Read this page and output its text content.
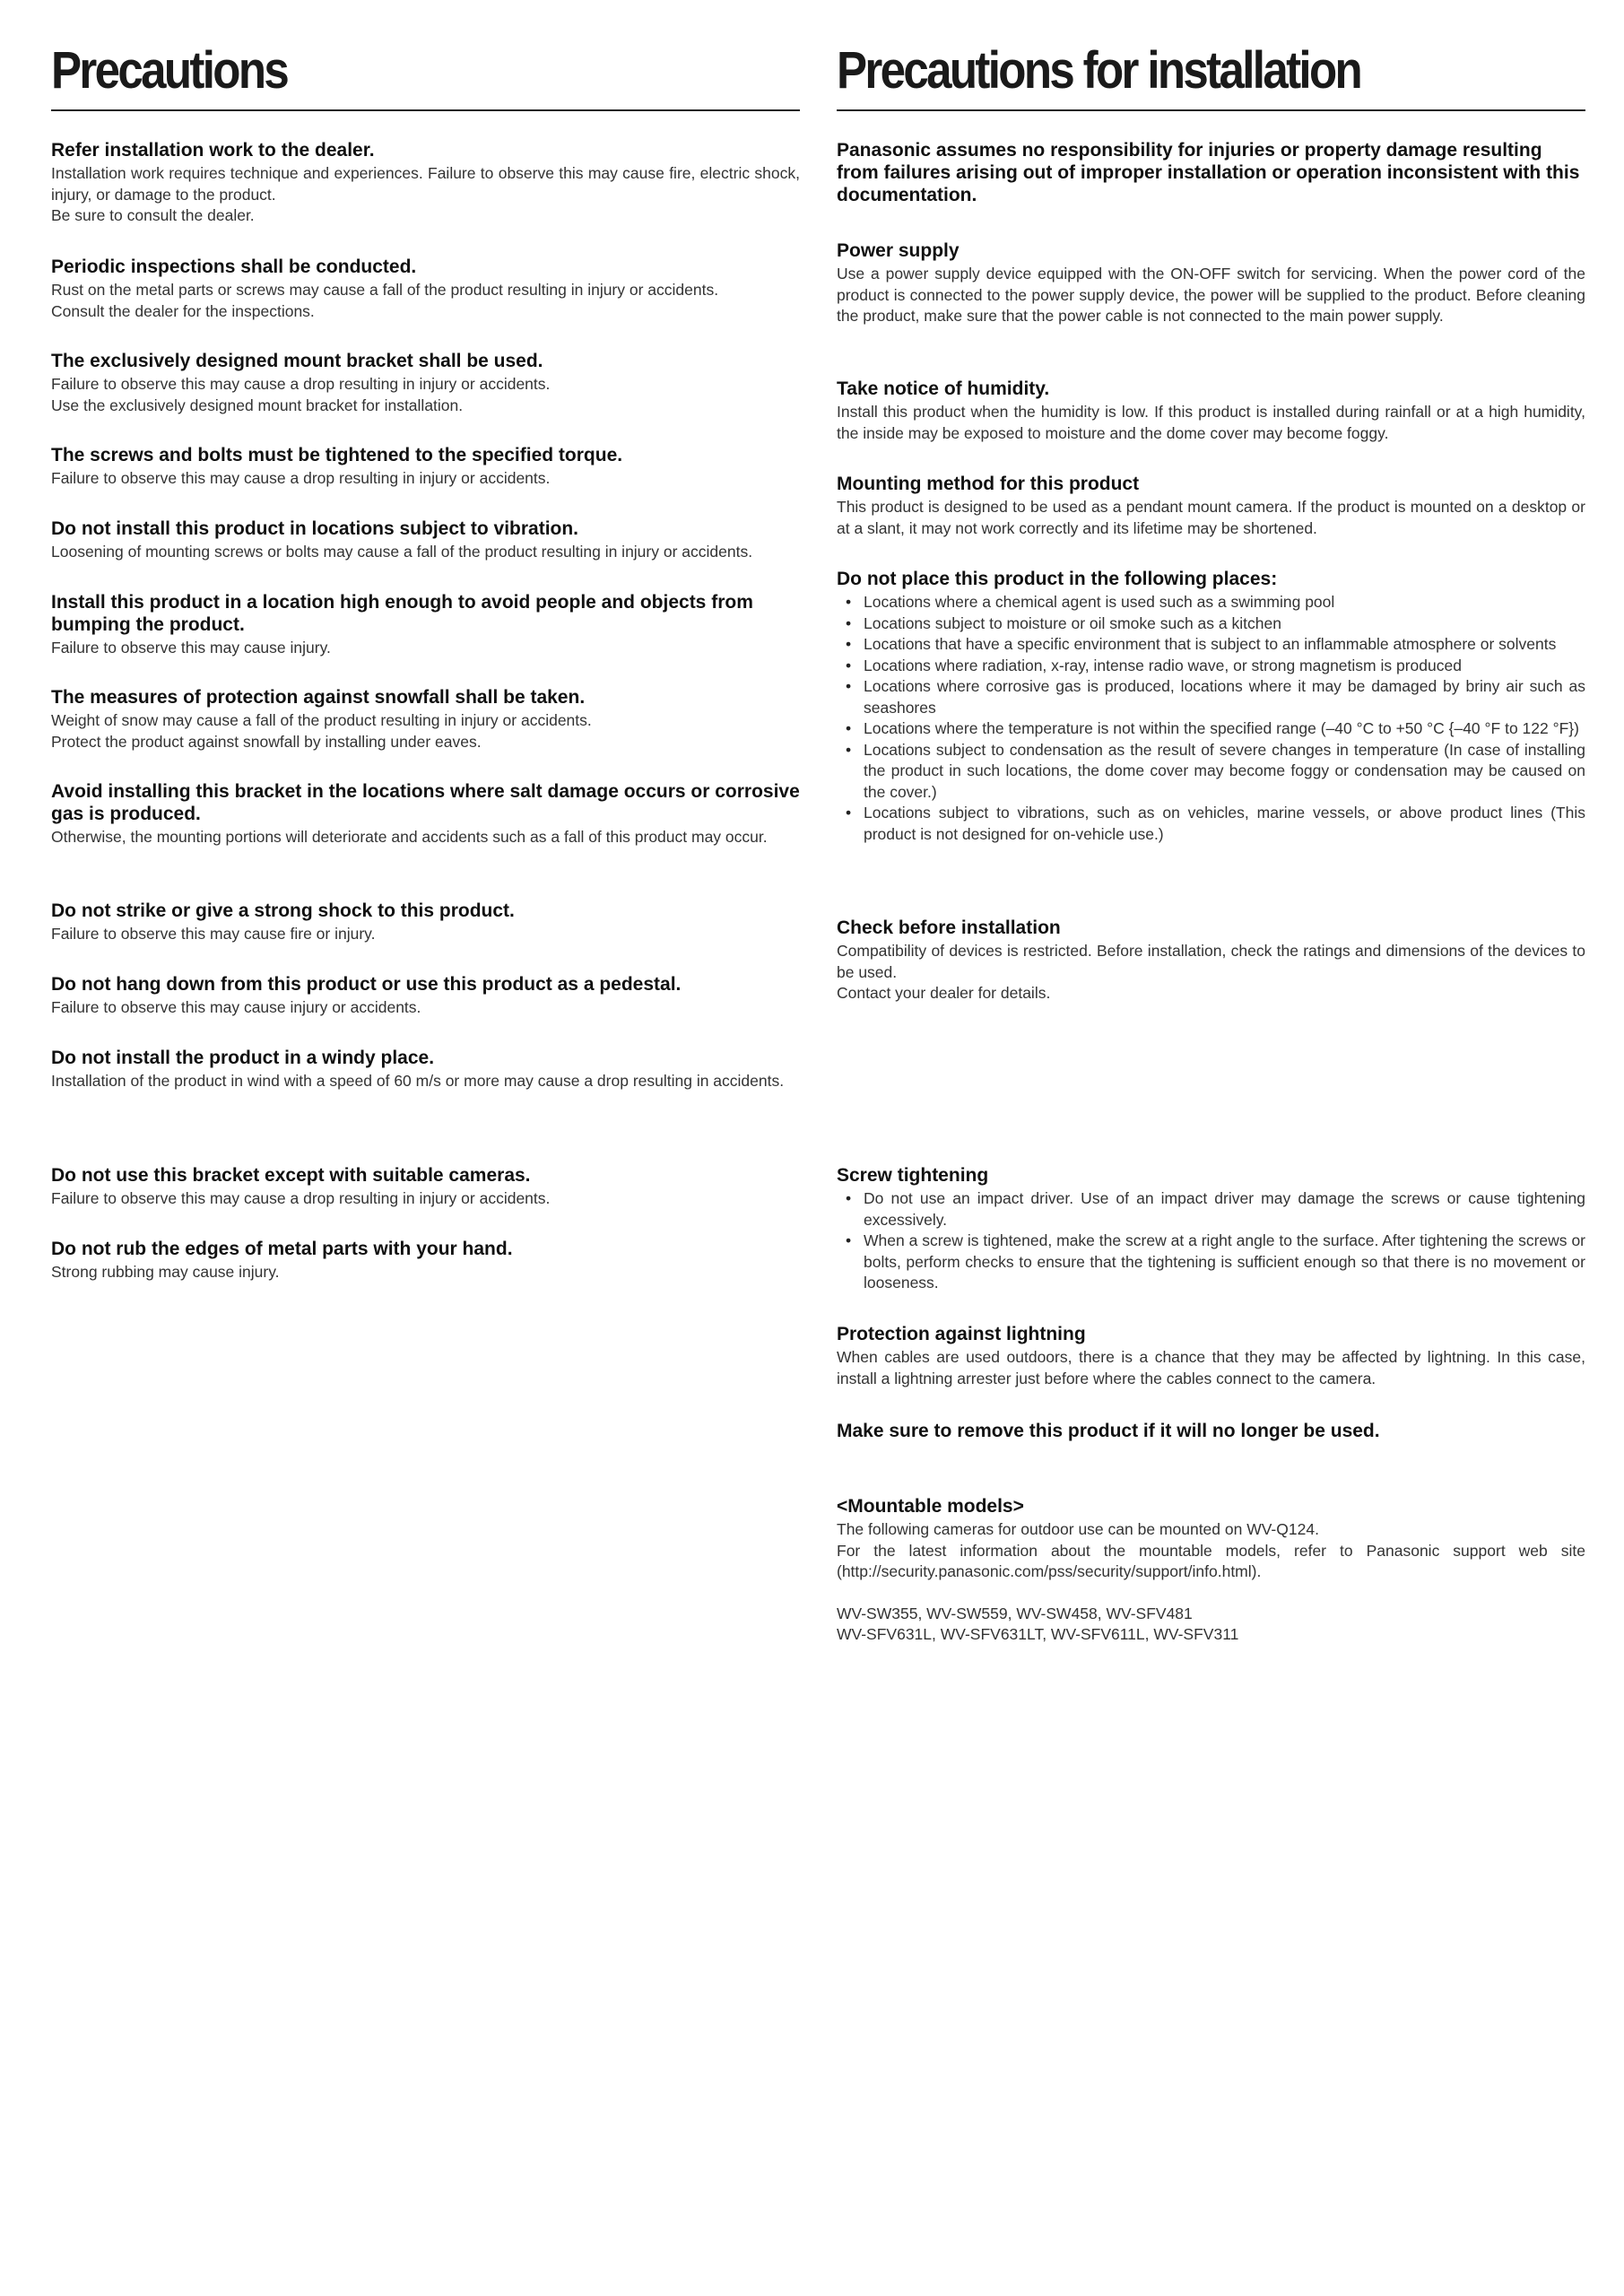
Precautions
Refer installation work to the dealer.

Installation work requires technique and experiences. Failure to observe this may cause fire, electric shock, injury, or damage to the product.

Be sure to consult the dealer.

Periodic inspections shall be conducted.

Rust on the metal parts or screws may cause a fall of the product resulting in injury or accidents.

Consult the dealer for the inspections.

The exclusively designed mount bracket shall be used.

Failure to observe this may cause a drop resulting in injury or accidents.

Use the exclusively designed mount bracket for installation.

The screws and bolts must be tightened to the specified torque.

Failure to observe this may cause a drop resulting in injury or accidents.

Do not install this product in locations subject to vibration.

Loosening of mounting screws or bolts may cause a fall of the product resulting in injury or accidents.

Install this product in a location high enough to avoid people and objects from bumping the product.

Failure to observe this may cause injury.

The measures of protection against snowfall shall be taken.

Weight of snow may cause a fall of the product resulting in injury or accidents.

Protect the product against snowfall by installing under eaves.

Avoid installing this bracket in the locations where salt damage occurs or corrosive gas is produced.

Otherwise, the mounting portions will deteriorate and accidents such as a fall of this product may occur.

Do not strike or give a strong shock to this product.

Failure to observe this may cause fire or injury.

Do not hang down from this product or use this product as a pedestal.

Failure to observe this may cause injury or accidents.

Do not install the product in a windy place.

Installation of the product in wind with a speed of 60 m/s or more may cause a drop resulting in accidents.

Do not use this bracket except with suitable cameras.

Failure to observe this may cause a drop resulting in injury or accidents.

Do not rub the edges of metal parts with your hand.

Strong rubbing may cause injury.

Precautions for installation
Panasonic assumes no responsibility for injuries or property damage resulting from failures arising out of improper installation or operation inconsistent with this documentation.
Power supply

Use a power supply device equipped with the ON-OFF switch for servicing. When the power cord of the product is connected to the power supply device, the power will be supplied to the product. Before cleaning the product, make sure that the power cable is not connected to the main power supply.

Take notice of humidity.

Install this product when the humidity is low. If this product is installed during rainfall or at a high humidity, the inside may be exposed to moisture and the dome cover may become foggy.

Mounting method for this product

This product is designed to be used as a pendant mount camera. If the product is mounted on a desktop or at a slant, it may not work correctly and its lifetime may be shortened.

Do not place this product in the following places:
• Locations where a chemical agent is used such as a swimming pool
• Locations subject to moisture or oil smoke such as a kitchen
• Locations that have a specific environment that is subject to an inflammable atmosphere or solvents
• Locations where radiation, x-ray, intense radio wave, or strong magnetism is produced
• Locations where corrosive gas is produced, locations where it may be damaged by briny air such as seashores
• Locations where the temperature is not within the specified range (–40 °C to +50 °C {–40 °F to 122 °F})
• Locations subject to condensation as the result of severe changes in temperature (In case of installing the product in such locations, the dome cover may become foggy or condensation may be caused on the cover.)
• Locations subject to vibrations, such as on vehicles, marine vessels, or above product lines (This product is not designed for on-vehicle use.)
Check before installation

Compatibility of devices is restricted. Before installation, check the ratings and dimensions of the devices to be used.

Contact your dealer for details.

Screw tightening
• Do not use an impact driver. Use of an impact driver may damage the screws or cause tightening excessively.
• When a screw is tightened, make the screw at a right angle to the surface. After tightening the screws or bolts, perform checks to ensure that the tightening is sufficient enough so that there is no movement or looseness.
Protection against lightning

When cables are used outdoors, there is a chance that they may be affected by lightning. In this case, install a lightning arrester just before where the cables connect to the camera.

Make sure to remove this product if it will no longer be used.
<Mountable models>

The following cameras for outdoor use can be mounted on WV-Q124.

For the latest information about the mountable models, refer to Panasonic support web site (http://security.panasonic.com/pss/security/support/info.html).

WV-SW355, WV-SW559, WV-SW458, WV-SFV481

WV-SFV631L, WV-SFV631LT, WV-SFV611L, WV-SFV311
